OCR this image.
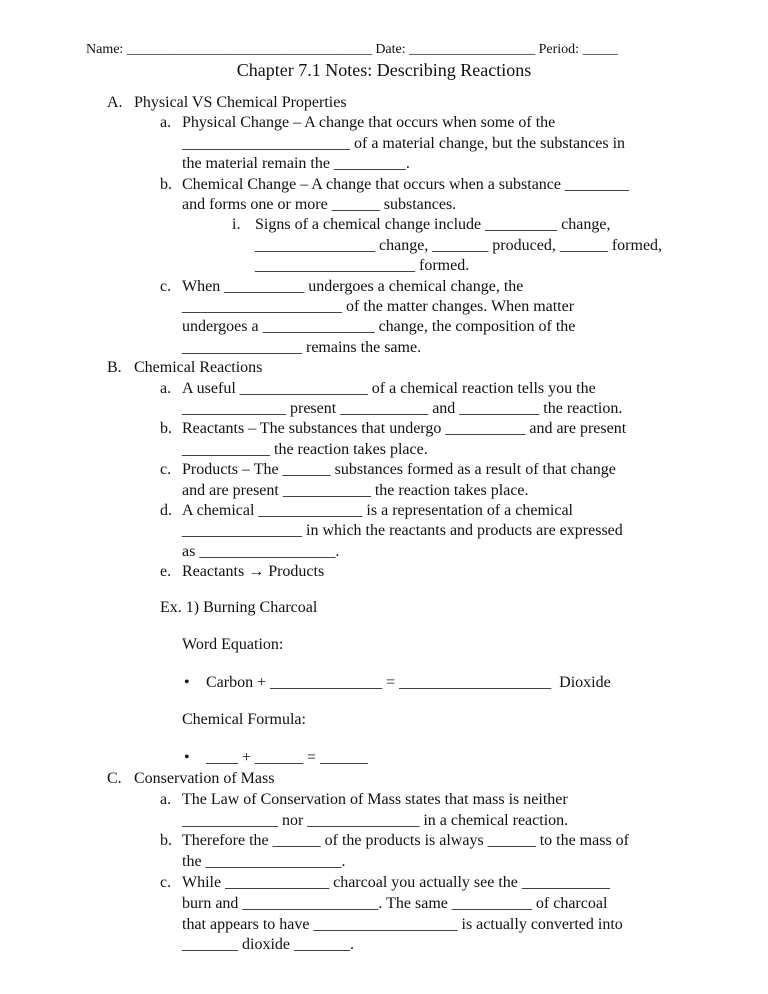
Name: ___________________________________ Date: __________________ Period: _____
Chapter 7.1 Notes: Describing Reactions
A. Physical VS Chemical Properties
a. Physical Change – A change that occurs when some of the
_____________________ of a material change, but the substances in
the material remain the _________.
b. Chemical Change – A change that occurs when a substance ________
and forms one or more ______ substances.
i. Signs of a chemical change include _________ change,
_______________ change, _______ produced, ______ formed,
____________________ formed.
c. When __________ undergoes a chemical change, the
____________________ of the matter changes. When matter
undergoes a ______________ change, the composition of the
_______________ remains the same.
B. Chemical Reactions
a. A useful ________________ of a chemical reaction tells you the
_____________ present ___________ and __________ the reaction.
b. Reactants – The substances that undergo __________ and are present
___________ the reaction takes place.
c. Products – The ______ substances formed as a result of that change
and are present ___________ the reaction takes place.
d. A chemical _____________ is a representation of a chemical
_______________ in which the reactants and products are expressed
as _________________.
e. Reactants → Products
Ex. 1) Burning Charcoal
Word Equation:
Carbon + ______________ = ___________________  Dioxide
Chemical Formula:
____ + ______ = ______
•
•
C. Conservation of Mass
a. The Law of Conservation of Mass states that mass is neither
____________ nor ______________ in a chemical reaction.
b. Therefore the ______ of the products is always ______ to the mass of
the _________________.
c. While _____________ charcoal you actually see the ___________
burn and _________________. The same __________ of charcoal
that appears to have __________________ is actually converted into
_______ dioxide _______.
